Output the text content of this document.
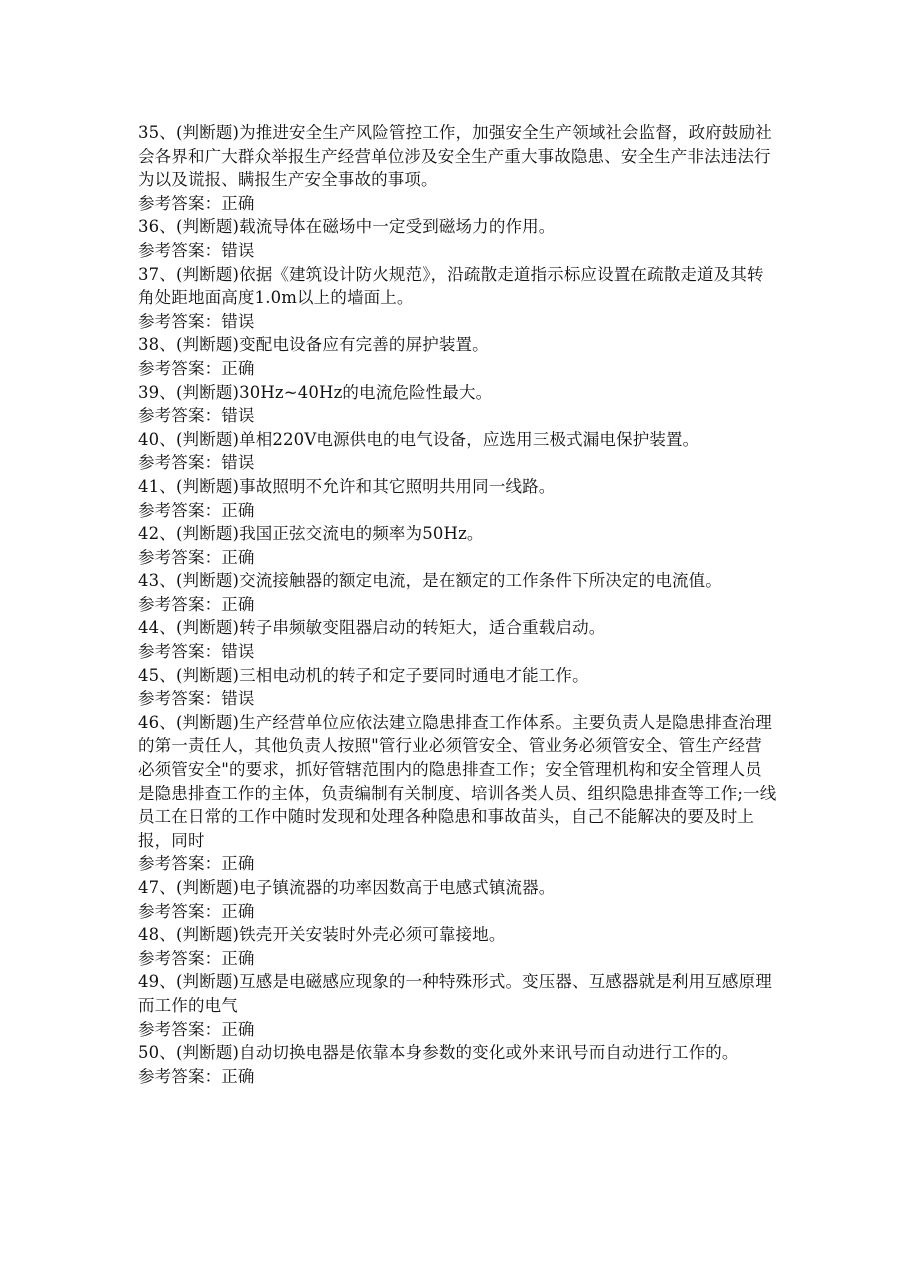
35、(判断题)为推进安全生产风险管控工作，加强安全生产领域社会监督，政府鼓励社会各界和广大群众举报生产经营单位涉及安全生产重大事故隐患、安全生产非法违法行为以及谎报、瞒报生产安全事故的事项。

参考答案：正确

36、(判断题)载流导体在磁场中一定受到磁场力的作用。

参考答案：错误

37、(判断题)依据《建筑设计防火规范》，沿疏散走道指示标应设置在疏散走道及其转角处距地面高度1.0m以上的墙面上。

参考答案：错误

38、(判断题)变配电设备应有完善的屏护装置。

参考答案：正确

39、(判断题)30Hz~40Hz的电流危险性最大。

参考答案：错误

40、(判断题)单相220V电源供电的电气设备，应选用三极式漏电保护装置。

参考答案：错误

41、(判断题)事故照明不允许和其它照明共用同一线路。

参考答案：正确

42、(判断题)我国正弦交流电的频率为50Hz。

参考答案：正确

43、(判断题)交流接触器的额定电流，是在额定的工作条件下所决定的电流值。

参考答案：正确

44、(判断题)转子串频敏变阻器启动的转矩大，适合重载启动。

参考答案：错误

45、(判断题)三相电动机的转子和定子要同时通电才能工作。

参考答案：错误

46、(判断题)生产经营单位应依法建立隐患排查工作体系。主要负责人是隐患排查治理的第一责任人，其他负责人按照"管行业必须管安全、管业务必须管安全、管生产经营必须管安全"的要求，抓好管辖范围内的隐患排查工作；安全管理机构和安全管理人员是隐患排查工作的主体，负责编制有关制度、培训各类人员、组织隐患排查等工作;一线员工在日常的工作中随时发现和处理各种隐患和事故苗头，自己不能解决的要及时上报，同时

参考答案：正确

47、(判断题)电子镇流器的功率因数高于电感式镇流器。

参考答案：正确

48、(判断题)铁壳开关安装时外壳必须可靠接地。

参考答案：正确

49、(判断题)互感是电磁感应现象的一种特殊形式。变压器、互感器就是利用互感原理而工作的电气

参考答案：正确

50、(判断题)自动切换电器是依靠本身参数的变化或外来讯号而自动进行工作的。

参考答案：正确
